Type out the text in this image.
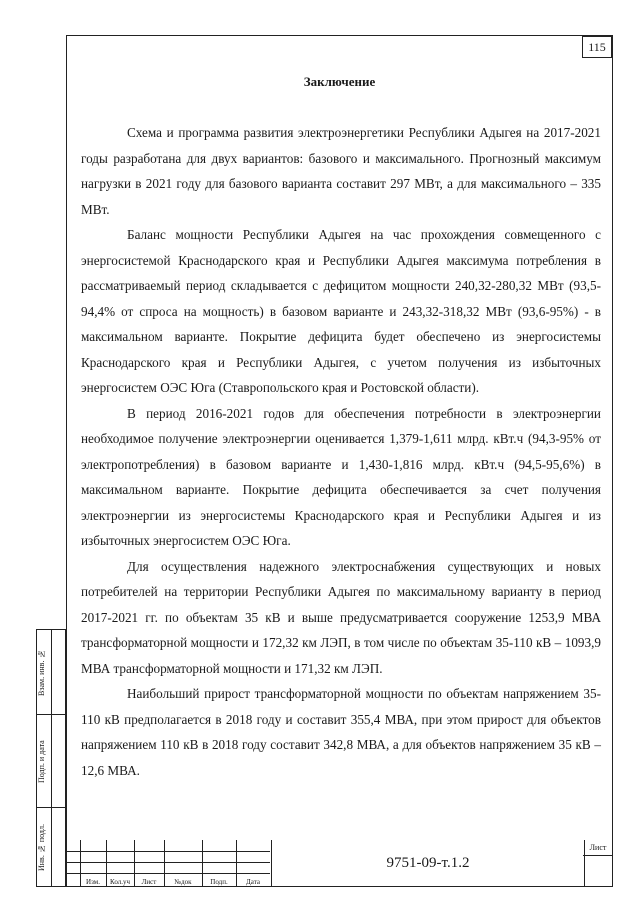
115
Заключение

Схема и программа развития электроэнергетики Республики Адыгея на 2017-2021 годы разработана для двух вариантов: базового и максимального. Прогнозный максимум нагрузки в 2021 году для базового варианта составит 297 МВт, а для максимального – 335 МВт.

Баланс мощности Республики Адыгея на час прохождения совмещенного с энергосистемой Краснодарского края и Республики Адыгея максимума потребления в рассматриваемый период складывается с дефицитом мощности 240,32-280,32 МВт (93,5-94,4% от спроса на мощность) в базовом варианте и 243,32-318,32 МВт (93,6-95%) - в максимальном варианте. Покрытие дефицита будет обеспечено из энергосистемы Краснодарского края и Республики Адыгея, с учетом получения из избыточных энергосистем ОЭС Юга (Ставропольского края и Ростовской области).

В период 2016-2021 годов для обеспечения потребности в электроэнергии необходимое получение электроэнергии оценивается 1,379-1,611 млрд. кВт.ч (94,3-95% от электропотребления) в базовом варианте и 1,430-1,816 млрд. кВт.ч (94,5-95,6%) в максимальном варианте. Покрытие дефицита обеспечивается за счет получения электроэнергии из энергосистемы Краснодарского края и Республики Адыгея и из избыточных энергосистем ОЭС Юга.

Для осуществления надежного электроснабжения существующих и новых потребителей на территории Республики Адыгея по максимальному варианту в период 2017-2021 гг. по объектам 35 кВ и выше предусматривается сооружение 1253,9 МВА трансформаторной мощности и 172,32 км ЛЭП, в том числе по объектам 35-110 кВ – 1093,9 МВА трансформаторной мощности и 171,32 км ЛЭП.

Наибольший прирост трансформаторной мощности по объектам напряжением 35-110 кВ предполагается в 2018 году и составит 355,4 МВА, при этом прирост для объектов напряжением 110 кВ в 2018 году составит 342,8 МВА, а для объектов напряжением 35 кВ – 12,6 МВА.

Взам. инв. №
Подп. и дата
Инв. № подл.
Изм.	Кол.уч	Лист	№док	Подп.	Дата
9751-09-т.1.2
Лист
